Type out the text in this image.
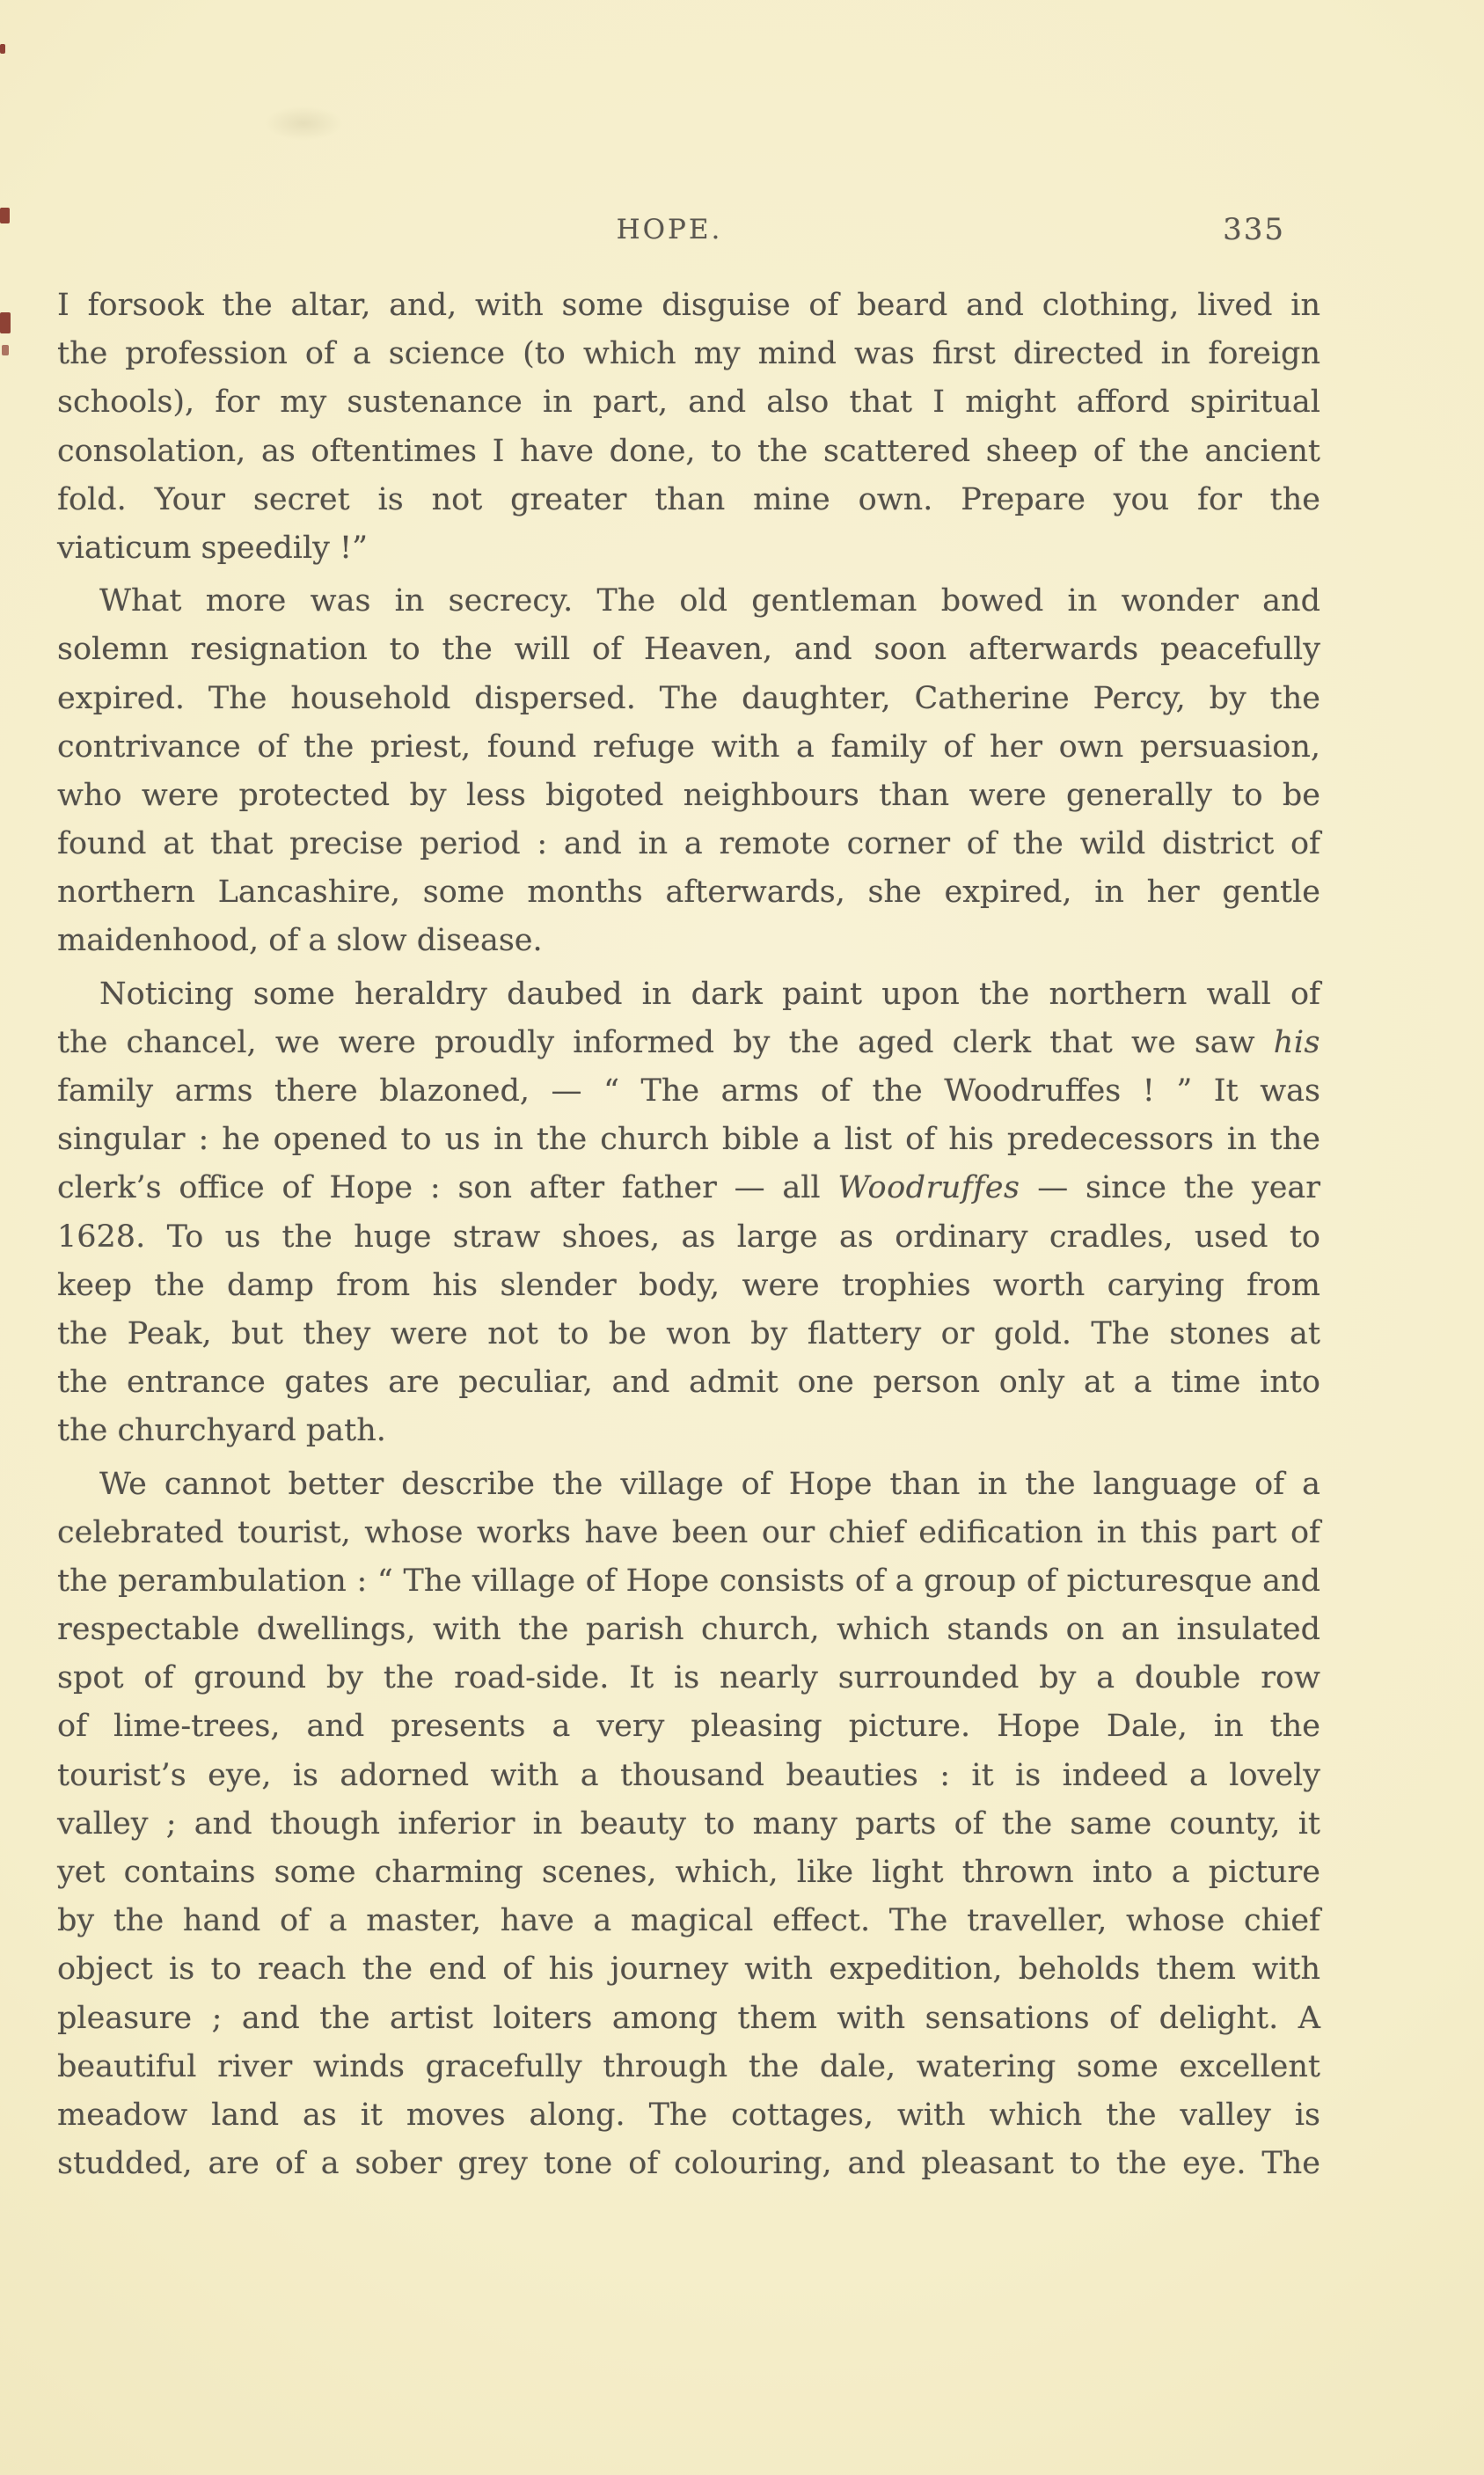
HOPE.	335
I forsook the altar, and, with some disguise of beard and clothing, lived in
the profession of a science (to which my mind was first directed in foreign
schools), for my sustenance in part, and also that I might afford spiritual
consolation, as oftentimes I have done, to the scattered sheep of the ancient
fold. Your secret is not greater than mine own. Prepare you for the
viaticum speedily !”
What more was in secrecy. The old gentleman bowed in wonder and
solemn resignation to the will of Heaven, and soon afterwards peacefully
expired. The household dispersed. The daughter, Catherine Percy, by the
contrivance of the priest, found refuge with a family of her own persuasion,
who were protected by less bigoted neighbours than were generally to be
found at that precise period : and in a remote corner of the wild district of
northern Lancashire, some months afterwards, she expired, in her gentle
maidenhood, of a slow disease.
Noticing some heraldry daubed in dark paint upon the northern wall of
the chancel, we were proudly informed by the aged clerk that we saw his
family arms there blazoned, — “ The arms of the Woodruffes ! ” It was
singular : he opened to us in the church bible a list of his predecessors in the
clerk’s office of Hope : son after father — all Woodruffes — since the year
1628. To us the huge straw shoes, as large as ordinary cradles, used to
keep the damp from his slender body, were trophies worth carying from
the Peak, but they were not to be won by flattery or gold. The stones at
the entrance gates are peculiar, and admit one person only at a time into
the churchyard path.
We cannot better describe the village of Hope than in the language of a
celebrated tourist, whose works have been our chief edification in this part of
the perambulation : “ The village of Hope consists of a group of picturesque and
respectable dwellings, with the parish church, which stands on an insulated
spot of ground by the road-side. It is nearly surrounded by a double row
of lime-trees, and presents a very pleasing picture. Hope Dale, in the
tourist’s eye, is adorned with a thousand beauties : it is indeed a lovely
valley ; and though inferior in beauty to many parts of the same county, it
yet contains some charming scenes, which, like light thrown into a picture
by the hand of a master, have a magical effect. The traveller, whose chief
object is to reach the end of his journey with expedition, beholds them with
pleasure ; and the artist loiters among them with sensations of delight. A
beautiful river winds gracefully through the dale, watering some excellent
meadow land as it moves along. The cottages, with which the valley is
studded, are of a sober grey tone of colouring, and pleasant to the eye. The
